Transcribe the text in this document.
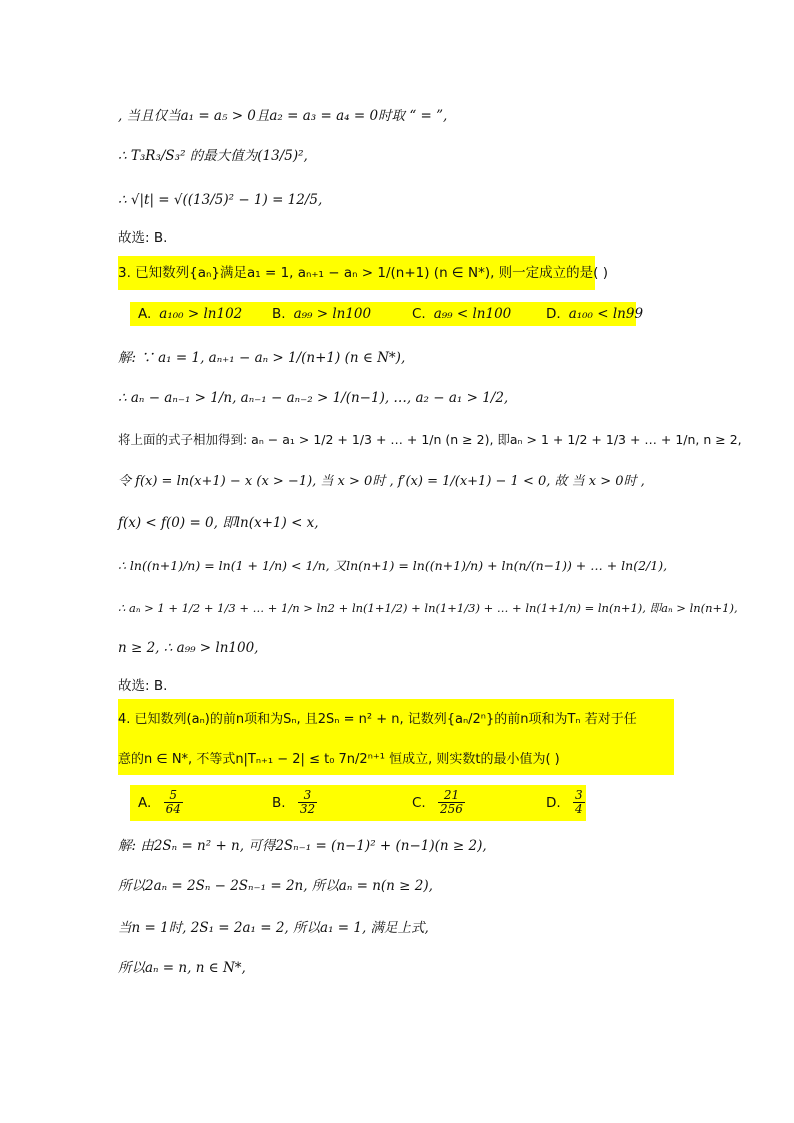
, 当且仅当a₁ = a₅ > 0且a₂ = a₃ = a₄ = 0时取 “ = ”,
∴ T₃R₃/S₃² 的最大值为(13/5)²,
∴ √|t| = √((13/5)² − 1) = 12/5,
故选: B.
3. 已知数列{aₙ}满足a₁ = 1, aₙ₊₁ − aₙ > 1/(n+1) (n ∈ N*), 则一定成立的是( )
A. a₁₀₀ > ln102 B. a₉₉ > ln100	C. a₉₉ < ln100	D. a₁₀₀ < ln99
解: ∵ a₁ = 1, aₙ₊₁ − aₙ > 1/(n+1) (n ∈ N*),
∴ aₙ − aₙ₋₁ > 1/n, aₙ₋₁ − aₙ₋₂ > 1/(n−1), …, a₂ − a₁ > 1/2,
将上面的式子相加得到: aₙ − a₁ > 1/2 + 1/3 + … + 1/n (n ≥ 2), 即aₙ > 1 + 1/2 + 1/3 + … + 1/n, n ≥ 2,
令 f(x) = ln(x+1) − x (x > −1), 当 x > 0时 , f′(x) = 1/(x+1) − 1 < 0, 故 当 x > 0时 ,
f(x) < f(0) = 0, 即ln(x+1) < x,
∴ ln((n+1)/n) = ln(1 + 1/n) < 1/n, 又ln(n+1) = ln((n+1)/n) + ln(n/(n−1)) + … + ln(2/1),
∴ aₙ > 1 + 1/2 + 1/3 + … + 1/n > ln2 + ln(1+1/2) + ln(1+1/3) + … + ln(1+1/n) = ln(n+1), 即aₙ > ln(n+1),
n ≥ 2, ∴ a₉₉ > ln100,
故选: B.
4. 已知数列(aₙ)的前n项和为Sₙ, 且2Sₙ = n² + n, 记数列{aₙ/2ⁿ}的前n项和为Tₙ 若对于任
意的n ∈ N*, 不等式n|Tₙ₊₁ − 2| ≤ t₀ 7n/2ⁿ⁺¹ 恒成立, 则实数t的最小值为( )
A. $\frac{5}{64}$	B. $\frac{3}{32}$	C. $\frac{21}{256}$	D. $\frac{3}{4}$
解: 由2Sₙ = n² + n, 可得2Sₙ₋₁ = (n−1)² + (n−1)(n ≥ 2),
所以2aₙ = 2Sₙ − 2Sₙ₋₁ = 2n, 所以aₙ = n(n ≥ 2),
当n = 1时, 2S₁ = 2a₁ = 2, 所以a₁ = 1, 满足上式,
所以aₙ = n, n ∈ N*,
